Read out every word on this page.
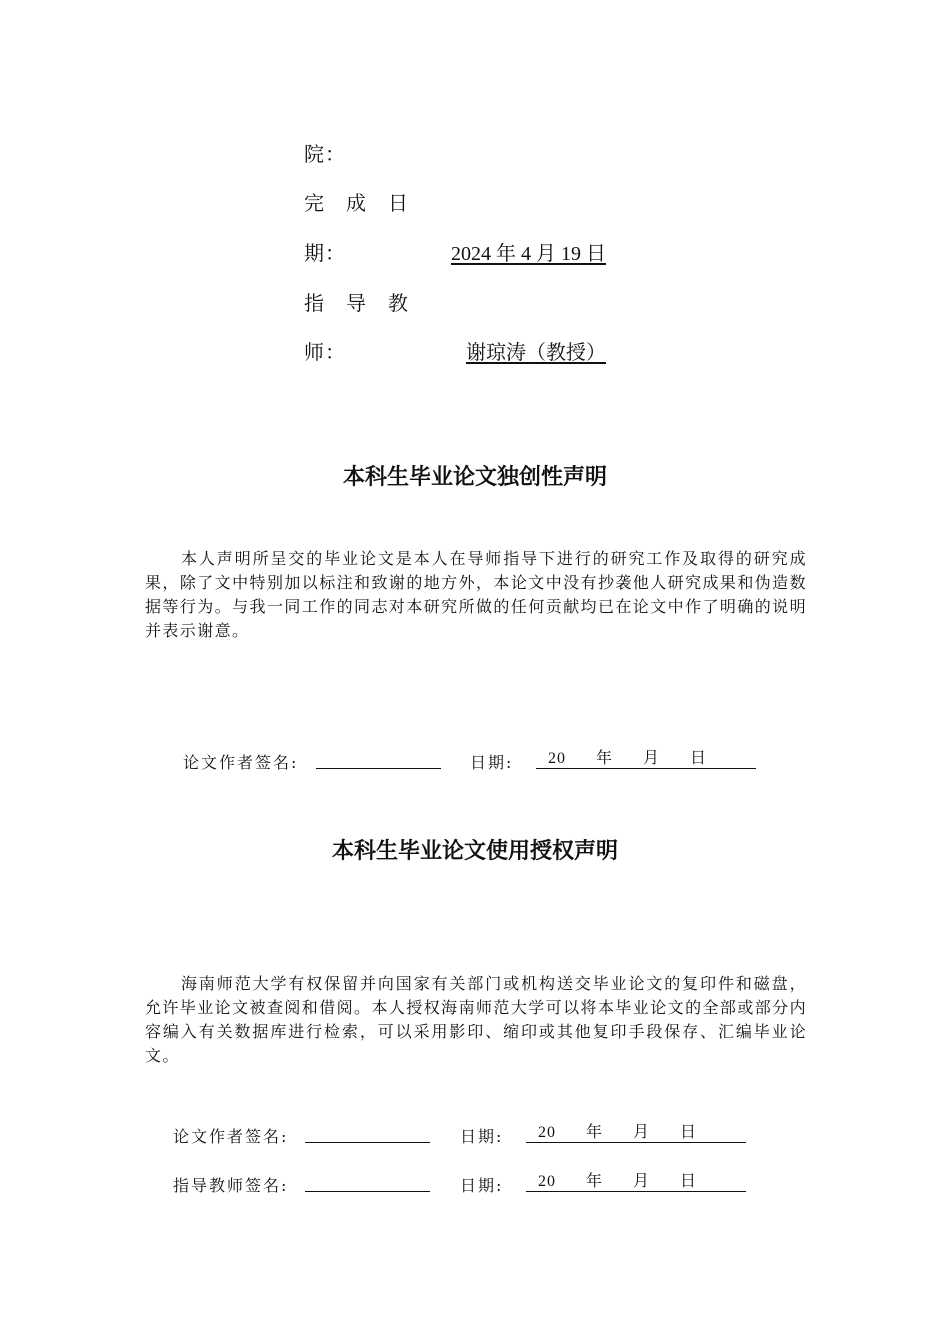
院：
完成日
期：	2024 年 4 月 19 日
指导教
师：	谢琼涛（教授）
本科生毕业论文独创性声明
本人声明所呈交的毕业论文是本人在导师指导下进行的研究工作及取得的研究成果，除了文中特别加以标注和致谢的地方外，本论文中没有抄袭他人研究成果和伪造数据等行为。与我一同工作的同志对本研究所做的任何贡献均已在论文中作了明确的说明并表示谢意。
论文作者签名:	日期:	20      年      月      日
本科生毕业论文使用授权声明
海南师范大学有权保留并向国家有关部门或机构送交毕业论文的复印件和磁盘，允许毕业论文被查阅和借阅。本人授权海南师范大学可以将本毕业论文的全部或部分内容编入有关数据库进行检索，可以采用影印、缩印或其他复印手段保存、汇编毕业论文。
论文作者签名:	日期:	20      年      月      日
指导教师签名:	日期:	20      年      月      日
